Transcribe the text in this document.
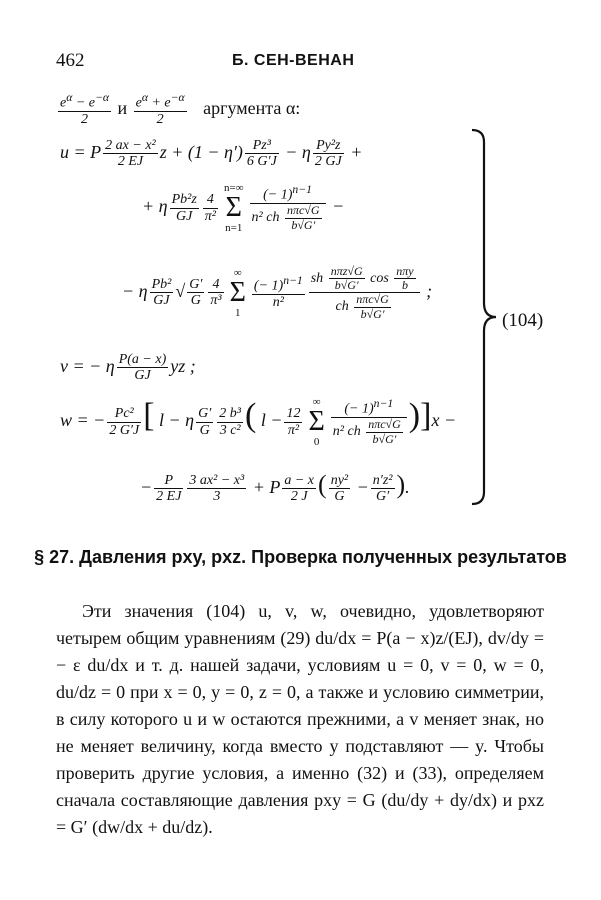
462	Б. СЕН-ВЕНАН
$\frac{e^\alpha - e^{-\alpha}}{2}$ и $\frac{e^\alpha + e^{-\alpha}}{2}$ аргумента α:
u = P $\frac{\text{2 ax − x²}}{2 EJ}$ $z + (1 - \eta') \frac{\text{Pz³}}{6 G'J} - \eta \frac{\text{Py²z}}{2 GJ}$ +
+ η $\frac{\text{Pb²z}}{GJ} \frac{4}{\text{π²}}$
n=∞
Σ
$n=1 \frac{(- 1)^{n-1}}{n^2 ch \frac{\text{nπc√G}}{b√G'}}$ −
− η $\frac{\text{Pb²}}{GJ}$ √ $\frac{G'}{G} \frac{4}{\text{π³}}$
∞
Σ
1
$\frac{(- 1)^{n-1}}{\text{n²}} \frac{sh \frac{\text{nπz√G}}{b√G'} \cos \frac{\text{nπy}}{b}}{ch \frac{\text{nπc√G}}{b√G'}}$ ;
v = − η $\frac{P(a - x)}{GJ}$ yz ;
w = − $\frac{\text{Pc²}}{2 G'J}$ [ l − η $\frac{G'}{G} \frac{\text{2 b³}}{\text{3 c²}}$ ( $l - \frac{12}{\text{π²}}$
∞
Σ
$0 \frac{(- 1)^{n-1}}{n^2 ch \frac{\text{nπc√G}}{b√G'}} )]x$ −
− $\frac{P}{2 EJ} \frac{\text{3 ax² − x³}}{3} + P \frac{a - x}{2 J}$ ( $\frac{\text{ny²}}{G} - \frac{\text{n′z²}}{G'}$ ).
(104)
§ 27. Давления pxy, pxz. Проверка полученных результатов

Эти значения (104) u, v, w, очевидно, удовлетворяют четырем общим уравнениям (29) du/dx = P(a − x)z/(EJ), dv/dy = − ε du/dx и т. д. нашей задачи, условиям u = 0, v = 0, w = 0, du/dz = 0 при x = 0, y = 0, z = 0, а также и условию симметрии, в силу которого u и w остаются прежними, a v меняет знак, но не меняет величину, когда вместо y подставляют — y. Чтобы проверить другие условия, а именно (32) и (33), определяем сначала составляющие давления pxy = G (du/dy + dy/dx) и pxz = G′ (dw/dx + du/dz).
